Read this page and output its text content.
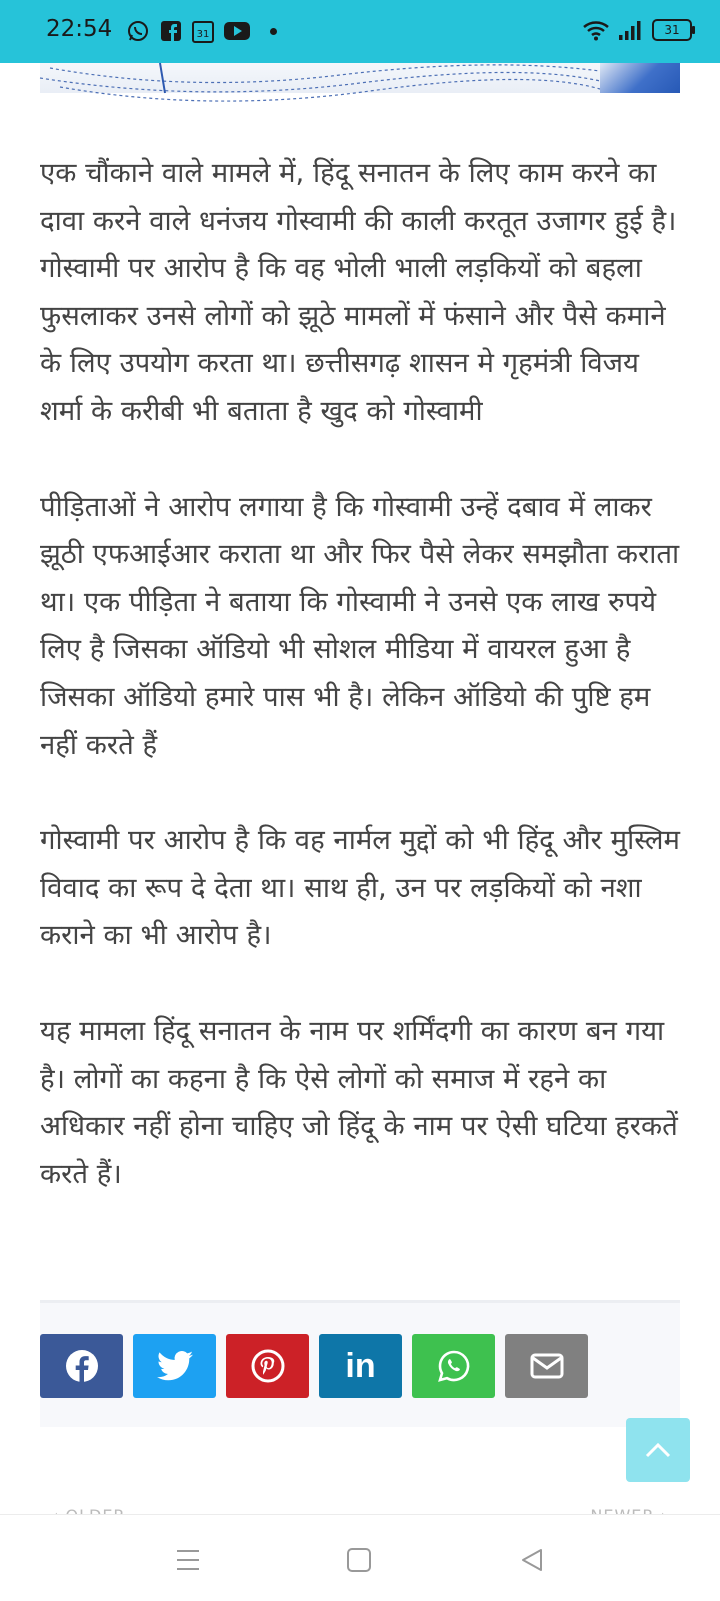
22:54	31	31

एक चौंकाने वाले मामले में, हिंदू सनातन के लिए काम करने का दावा करने वाले धनंजय गोस्वामी की काली करतूत उजागर हुई है। गोस्वामी पर आरोप है कि वह भोली भाली लड़कियों को बहला फुसलाकर उनसे लोगों को झूठे मामलों में फंसाने और पैसे कमाने के लिए उपयोग करता था। छत्तीसगढ़ शासन मे गृहमंत्री विजय शर्मा के करीबी भी बताता है खुद को गोस्वामी

पीड़िताओं ने आरोप लगाया है कि गोस्वामी उन्हें दबाव में लाकर झूठी एफआईआर कराता था और फिर पैसे लेकर समझौता कराता था। एक पीड़िता ने बताया कि गोस्वामी ने उनसे एक लाख रुपये लिए है जिसका ऑडियो भी सोशल मीडिया में वायरल हुआ है जिसका ऑडियो हमारे पास भी है। लेकिन ऑडियो की पुष्टि हम नहीं करते हैं

गोस्वामी पर आरोप है कि वह नार्मल मुद्दों को भी हिंदू और मुस्लिम विवाद का रूप दे देता था। साथ ही, उन पर लड़कियों को नशा कराने का भी आरोप है।

यह मामला हिंदू सनातन के नाम पर शर्मिंदगी का कारण बन गया है। लोगों का कहना है कि ऐसे लोगों को समाज में रहने का अधिकार नहीं होना चाहिए जो हिंदू के नाम पर ऐसी घटिया हरकतें करते हैं।

in
